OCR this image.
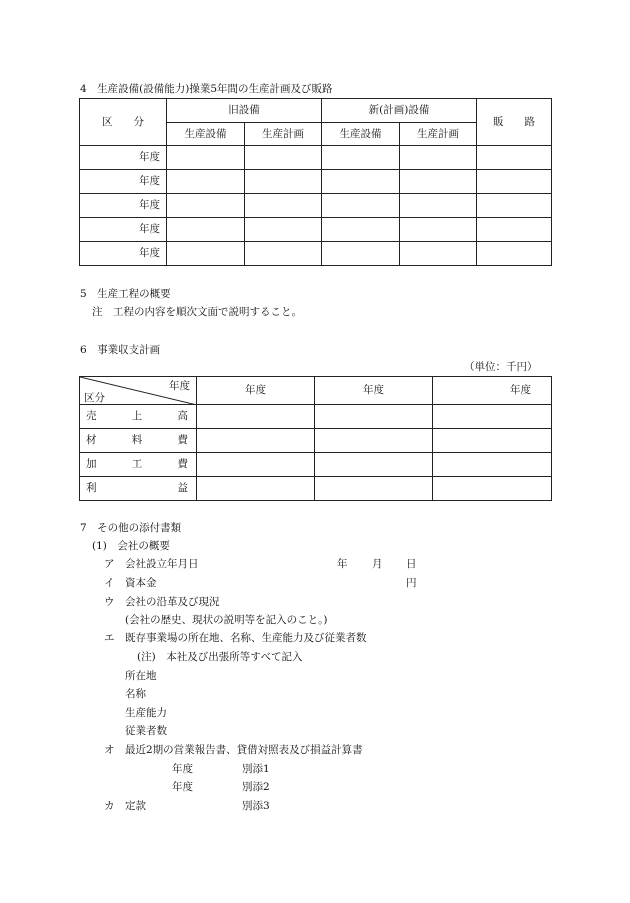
4　生産設備(設備能力)操業5年間の生産計画及び販路
区　　分	旧設備		新(計画)設備		販　　路
	生産設備	生産計画	生産設備	生産計画	
年度					
年度					
年度					
年度					
年度					
5　生産工程の概要
注　工程の内容を順次文面で説明すること。
6　事業収支計画
（単位：千円）
年度
区分	年度	年度	年度

売 上 高			

材 料 費			

加 工 費			

利 益			

7　その他の添付書類
(1)　会社の概要
ア 会社設立年月日	年 月 日
イ 資本金	円
ウ 会社の沿革及び現況
(会社の歴史、現状の説明等を記入のこと。)
エ 既存事業場の所在地、名称、生産能力及び従業者数
(注)　本社及び出張所等すべて記入
所在地
名称
生産能力
従業者数
オ 最近2期の営業報告書、貸借対照表及び損益計算書
年度	別添1
年度	別添2
カ 定款	別添3
